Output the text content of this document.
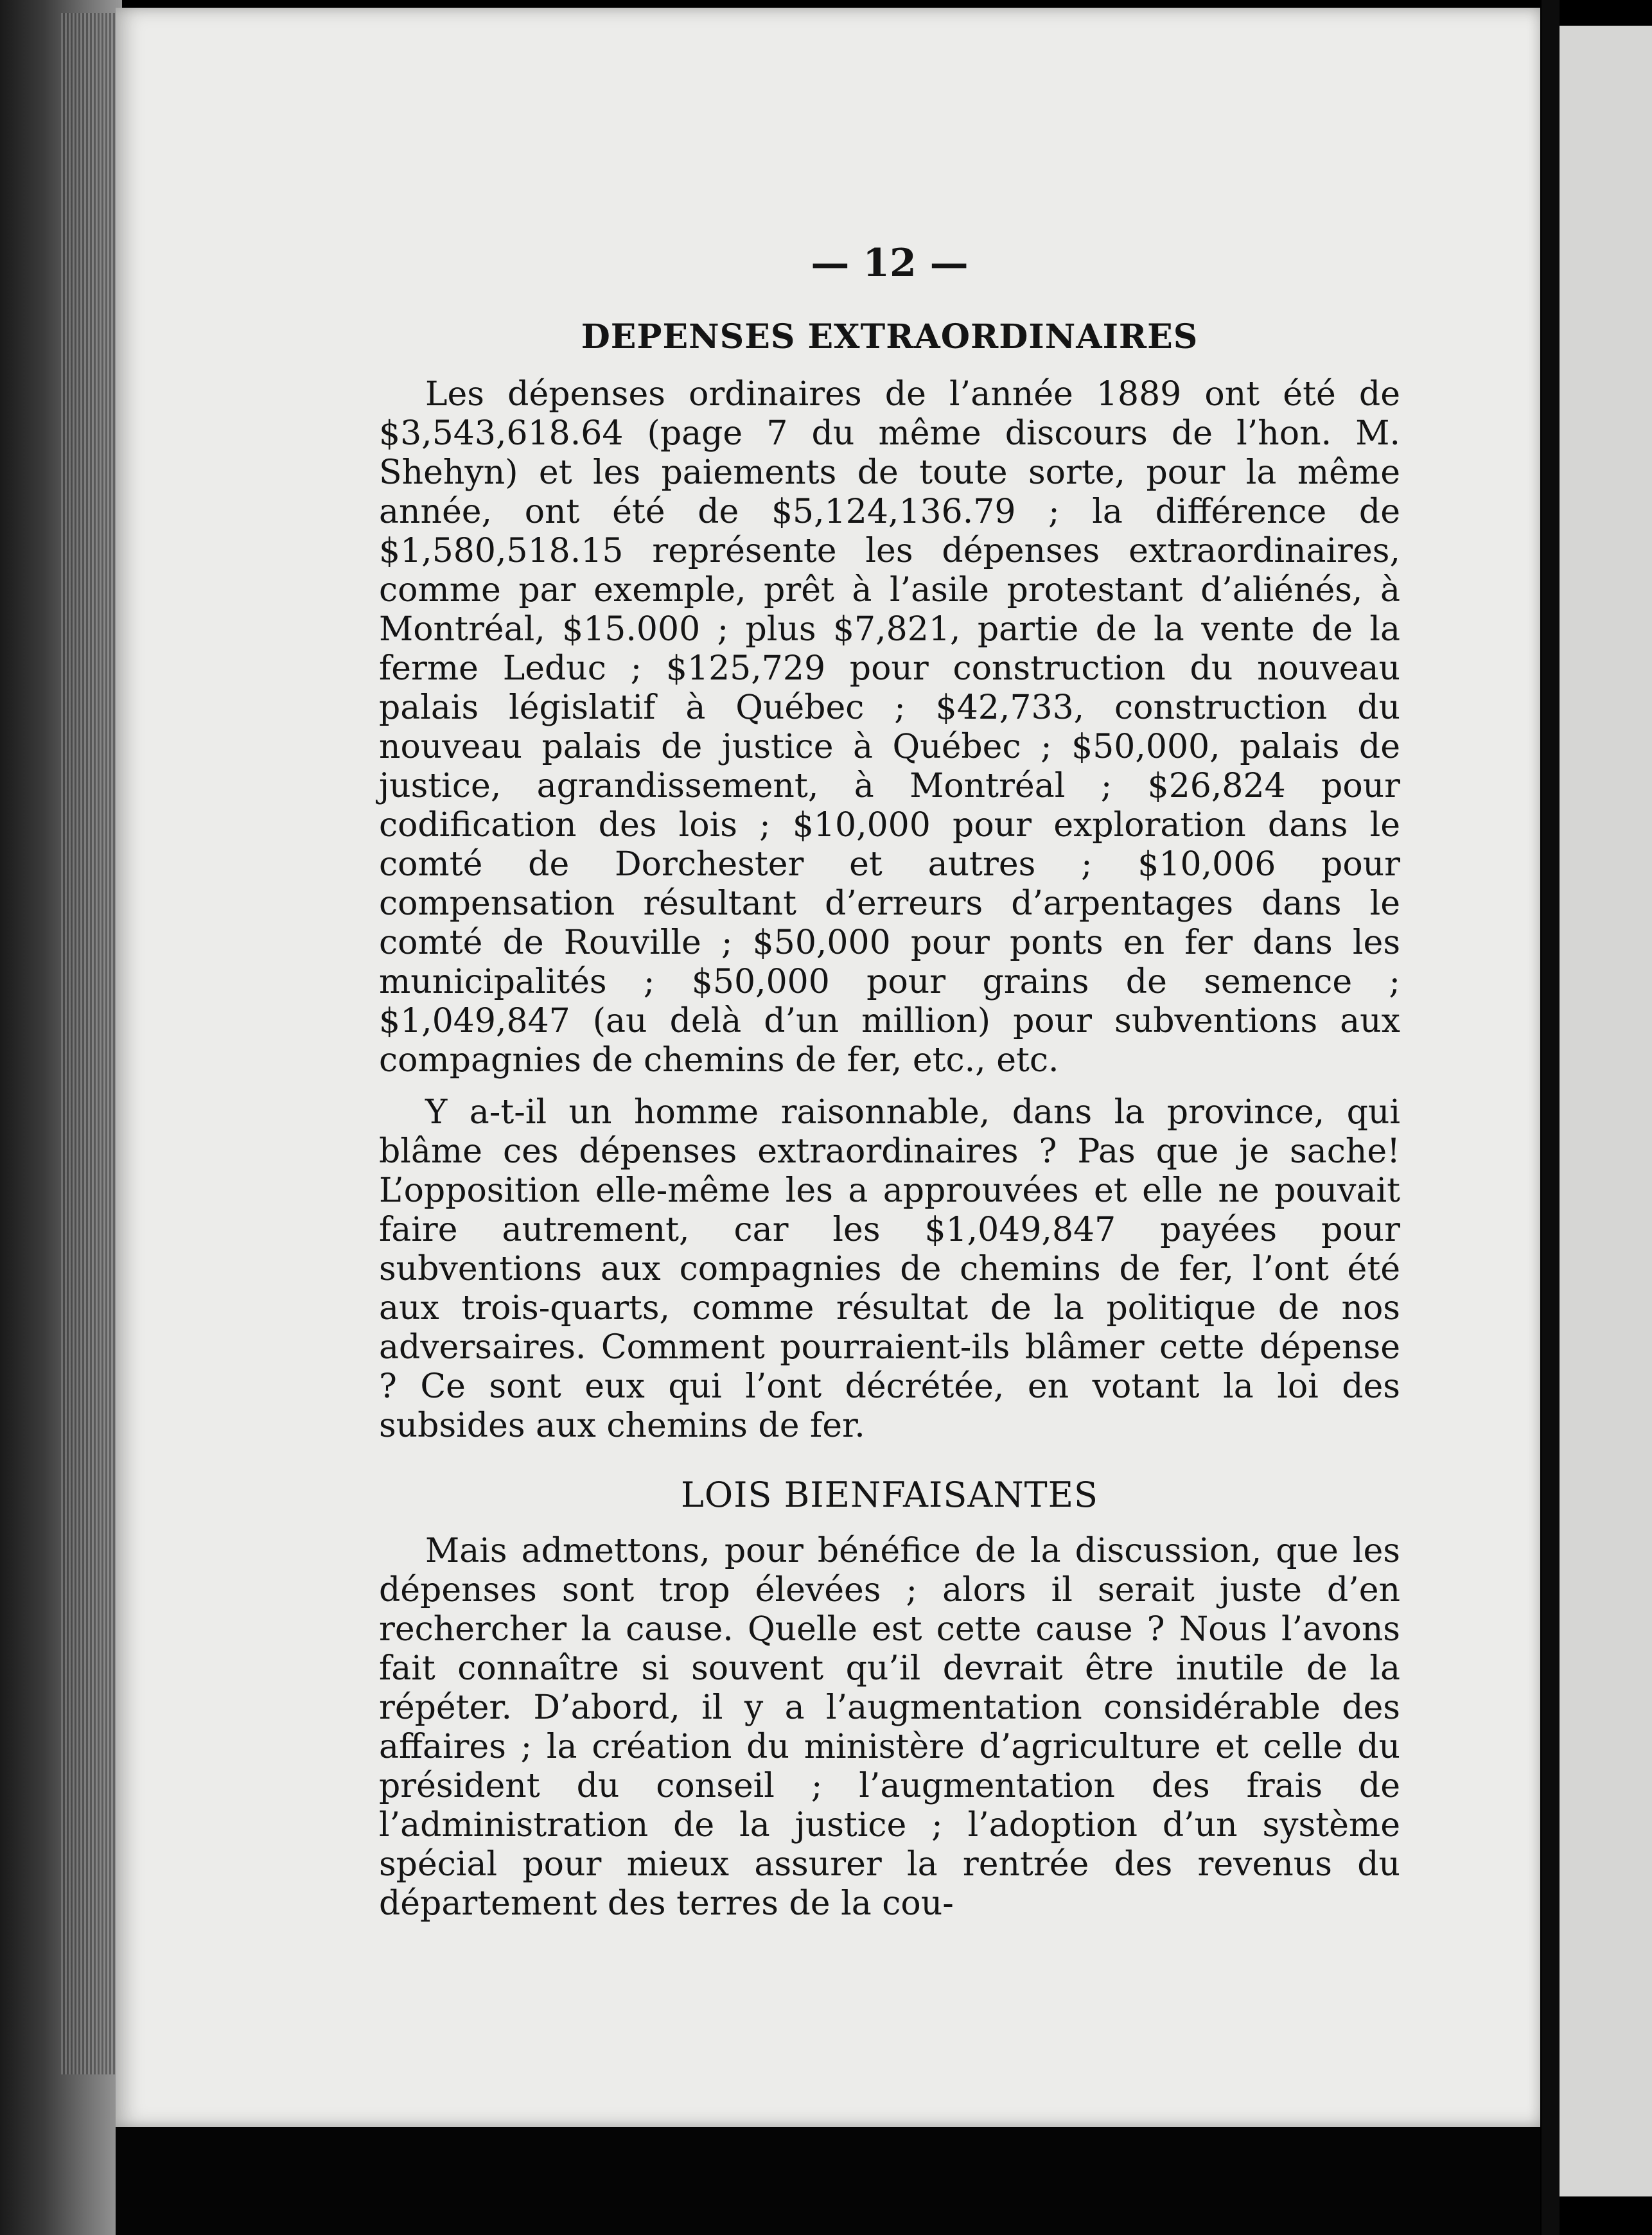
— 12 —
DEPENSES EXTRAORDINAIRES

Les dépenses ordinaires de l’année 1889 ont été de $3,543,618.64 (page 7 du même discours de l’hon. M. Shehyn) et les paiements de toute sorte, pour la même année, ont été de $5,124,136.79 ; la différence de $1,580,518.15 représente les dépenses extraordinaires, comme par exemple, prêt à l’asile protestant d’aliénés, à Montréal, $15.000 ; plus $7,821, partie de la vente de la ferme Leduc ; $125,729 pour construction du nouveau palais législatif à Québec ; $42,733, construction du nouveau palais de justice à Québec ; $50,000, palais de justice, agrandissement, à Montréal ; $26,824 pour codification des lois ; $10,000 pour exploration dans le comté de Dorchester et autres ; $10,006 pour compensation résultant d’erreurs d’arpentages dans le comté de Rouville ; $50,000 pour ponts en fer dans les municipalités ; $50,000 pour grains de semence ; $1,049,847 (au delà d’un million) pour subventions aux compagnies de chemins de fer, etc., etc.

Y a-t-il un homme raisonnable, dans la province, qui blâme ces dépenses extraordinaires ? Pas que je sache! L’opposition elle-même les a approuvées et elle ne pouvait faire autrement, car les $1,049,847 payées pour subventions aux compagnies de chemins de fer, l’ont été aux trois-quarts, comme résultat de la politique de nos adversaires. Comment pourraient-ils blâmer cette dépense ? Ce sont eux qui l’ont décrétée, en votant la loi des subsides aux chemins de fer.

LOIS BIENFAISANTES

Mais admettons, pour bénéfice de la discussion, que les dépenses sont trop élevées ; alors il serait juste d’en rechercher la cause. Quelle est cette cause ? Nous l’avons fait connaître si souvent qu’il devrait être inutile de la répéter. D’abord, il y a l’augmentation considérable des affaires ; la création du ministère d’agriculture et celle du président du conseil ; l’augmentation des frais de l’administration de la justice ; l’adoption d’un système spécial pour mieux assurer la rentrée des revenus du département des terres de la cou-
